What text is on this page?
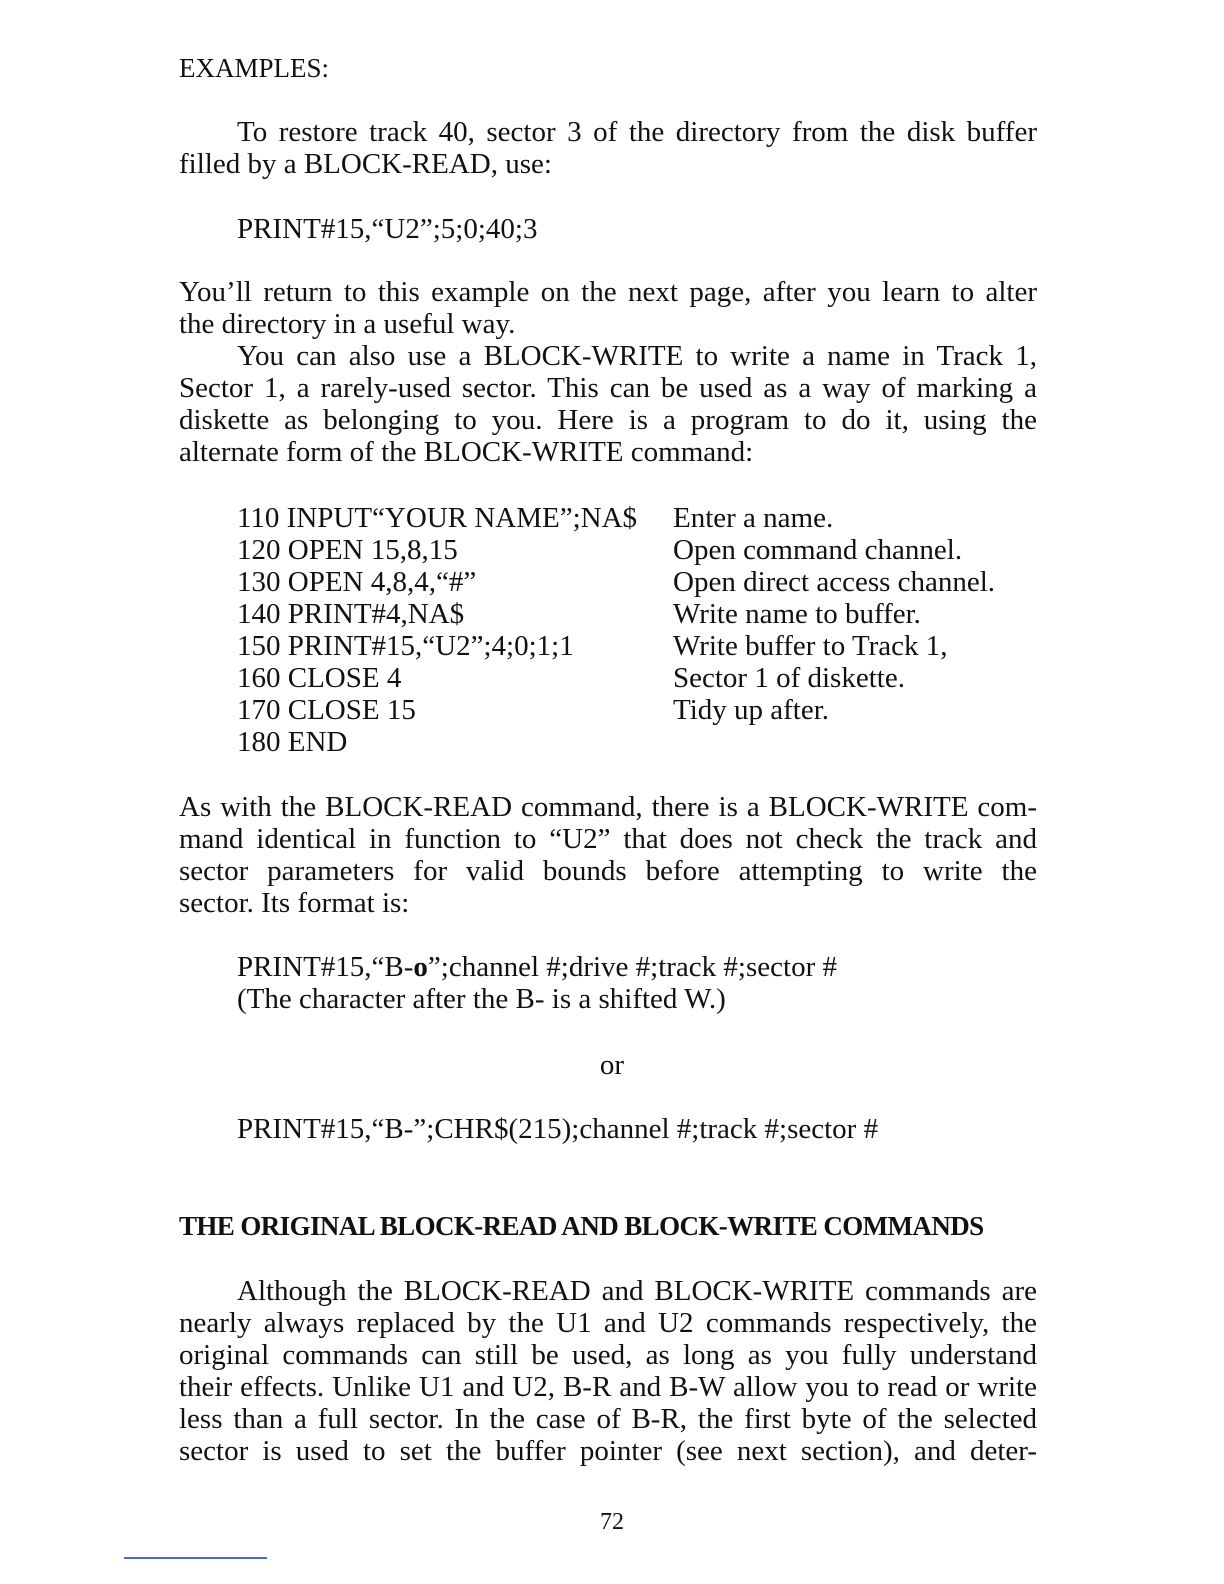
EXAMPLES:
To restore track 40, sector 3 of the directory from the disk buffer
filled by a BLOCK-READ, use:
PRINT#15,“U2”;5;0;40;3
You’ll return to this example on the next page, after you learn to alter
the directory in a useful way.
You can also use a BLOCK-WRITE to write a name in Track 1,
Sector 1, a rarely-used sector. This can be used as a way of marking a
diskette as belonging to you. Here is a program to do it, using the
alternate form of the BLOCK-WRITE command:
110 INPUT“YOUR NAME”;NA$	Enter a name.
120 OPEN 15,8,15	Open command channel.
130 OPEN 4,8,4,“#”	Open direct access channel.
140 PRINT#4,NA$	Write name to buffer.
150 PRINT#15,“U2”;4;0;1;1	Write buffer to Track 1,
160 CLOSE 4	Sector 1 of diskette.
170 CLOSE 15	Tidy up after.
180 END
As with the BLOCK-READ command, there is a BLOCK-WRITE com-
mand identical in function to “U2” that does not check the track and
sector parameters for valid bounds before attempting to write the
sector. Its format is:
PRINT#15,“B-o”;channel #;drive #;track #;sector #
(The character after the B- is a shifted W.)
or
PRINT#15,“B-”;CHR$(215);channel #;track #;sector #
THE ORIGINAL BLOCK-READ AND BLOCK-WRITE COMMANDS
Although the BLOCK-READ and BLOCK-WRITE commands are
nearly always replaced by the U1 and U2 commands respectively, the
original commands can still be used, as long as you fully understand
their effects. Unlike U1 and U2, B-R and B-W allow you to read or write
less than a full sector. In the case of B-R, the first byte of the selected
sector is used to set the buffer pointer (see next section), and deter-
72
